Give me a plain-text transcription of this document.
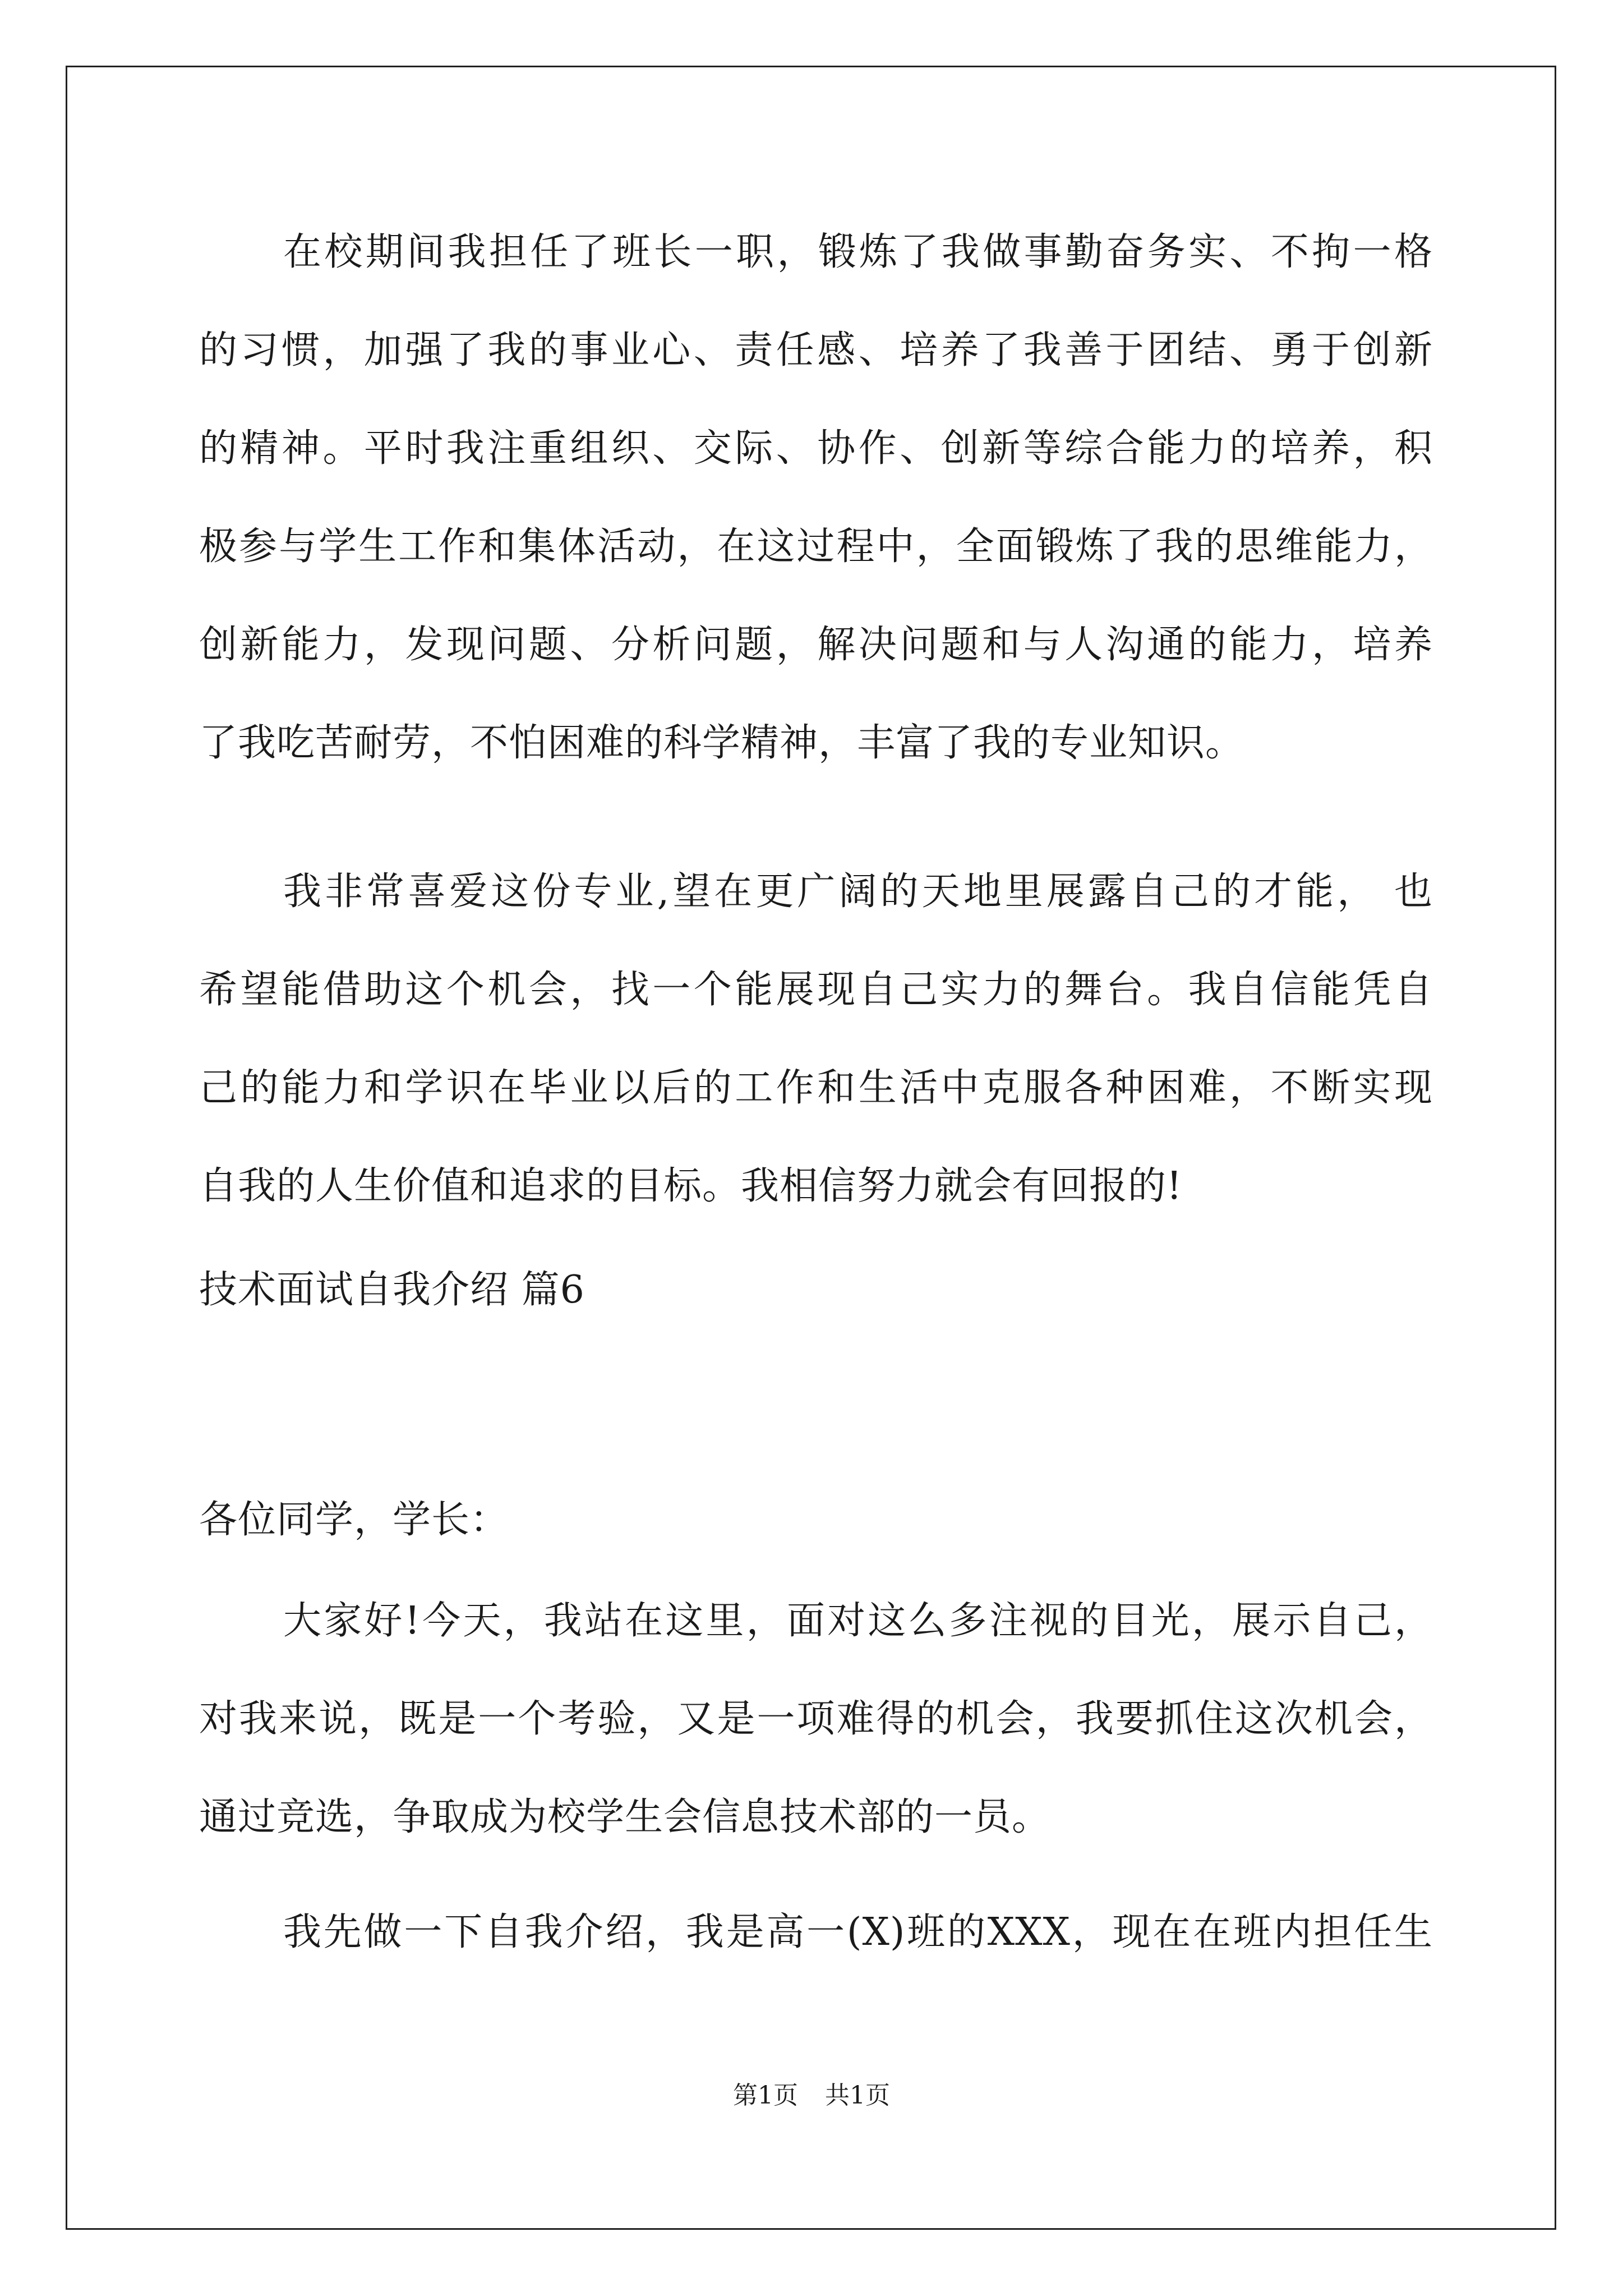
在校期间我担任了班长一职，锻炼了我做事勤奋务实、不拘一格
的习惯，加强了我的事业心、责任感、培养了我善于团结、勇于创新
的精神。平时我注重组织、交际、协作、创新等综合能力的培养，积
极参与学生工作和集体活动，在这过程中，全面锻炼了我的思维能力，
创新能力，发现问题、分析问题，解决问题和与人沟通的能力，培养
了我吃苦耐劳，不怕困难的科学精神，丰富了我的专业知识。
我非常喜爱这份专业,望在更广阔的天地里展露自己的才能， 也
希望能借助这个机会，找一个能展现自己实力的舞台。我自信能凭自
己的能力和学识在毕业以后的工作和生活中克服各种困难，不断实现
自我的人生价值和追求的目标。我相信努力就会有回报的!
技术面试自我介绍 篇6
各位同学，学长：
大家好!今天，我站在这里，面对这么多注视的目光，展示自己，
对我来说，既是一个考验，又是一项难得的机会，我要抓住这次机会，
通过竞选，争取成为校学生会信息技术部的一员。
我先做一下自我介绍，我是高一(X)班的XXX，现在在班内担任生
第1页 共1页
